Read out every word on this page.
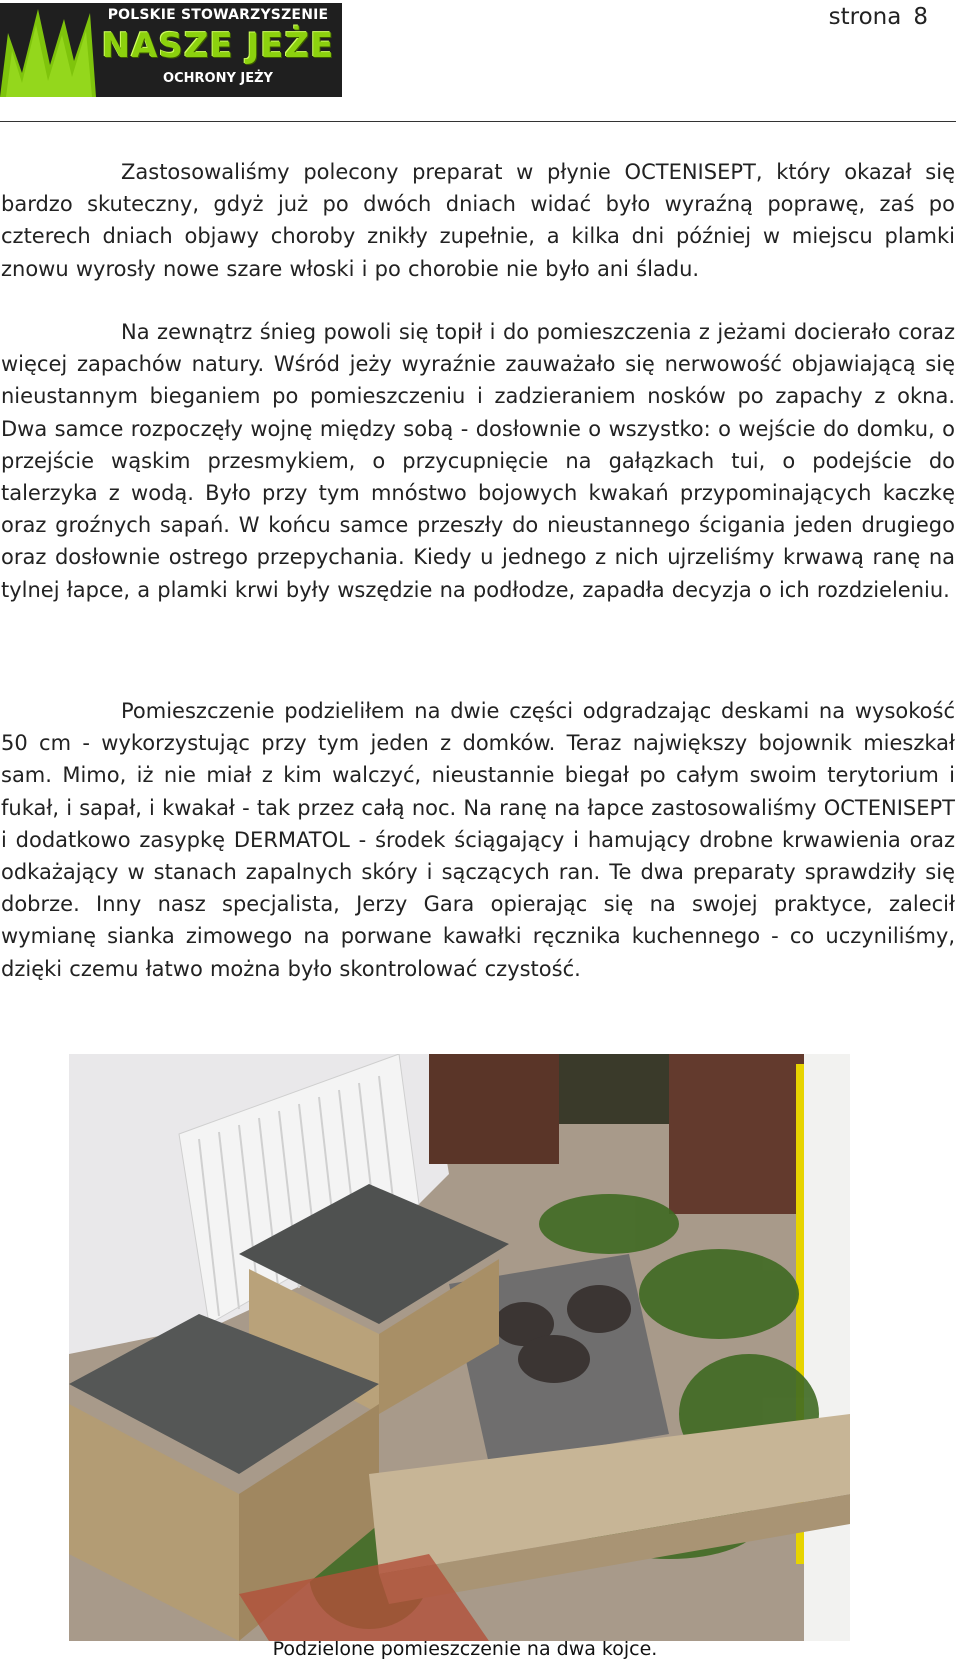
POLSKIE STOWARZYSZENIE
NASZE JEŻE
OCHRONY JEŻY
strona 8

Zastosowaliśmy polecony preparat w płynie OCTENISEPT, który okazał się bardzo skuteczny, gdyż już po dwóch dniach widać było wyraźną poprawę, zaś po czterech dniach objawy choroby znikły zupełnie, a kilka dni później w miejscu plamki znowu wyrosły nowe szare włoski i po chorobie nie było ani śladu.

Na zewnątrz śnieg powoli się topił i do pomieszczenia z jeżami docierało coraz więcej zapachów natury. Wśród jeży wyraźnie zauważało się nerwowość objawiającą się nieustannym bieganiem po pomieszczeniu i zadzieraniem nosków po zapachy z okna. Dwa samce rozpoczęły wojnę między sobą - dosłownie o wszystko: o wejście do domku, o przejście wąskim przesmykiem, o przycupnięcie na gałązkach tui, o podejście do talerzyka z wodą. Było przy tym mnóstwo bojowych kwakań przypominających kaczkę oraz groźnych sapań. W końcu samce przeszły do nieustannego ścigania jeden drugiego oraz dosłownie ostrego przepychania. Kiedy u jednego z nich ujrzeliśmy krwawą ranę na tylnej łapce, a plamki krwi były wszędzie na podłodze, zapadła decyzja o ich rozdzieleniu.

Pomieszczenie podzieliłem na dwie części odgradzając deskami na wysokość 50 cm - wykorzystując przy tym jeden z domków. Teraz największy bojownik mieszkał sam. Mimo, iż nie miał z kim walczyć, nieustannie biegał po całym swoim terytorium i fukał, i sapał, i kwakał - tak przez całą noc. Na ranę na łapce zastosowaliśmy OCTENISEPT i dodatkowo zasypkę DERMATOL - środek ściągający i hamujący drobne krwawienia oraz odkażający w stanach zapalnych skóry i sączących ran. Te dwa preparaty sprawdziły się dobrze. Inny nasz specjalista, Jerzy Gara opierając się na swojej praktyce, zalecił wymianę sianka zimowego na porwane kawałki ręcznika kuchennego - co uczyniliśmy, dzięki czemu łatwo można było skontrolować czystość.

Podzielone pomieszczenie na dwa kojce.
